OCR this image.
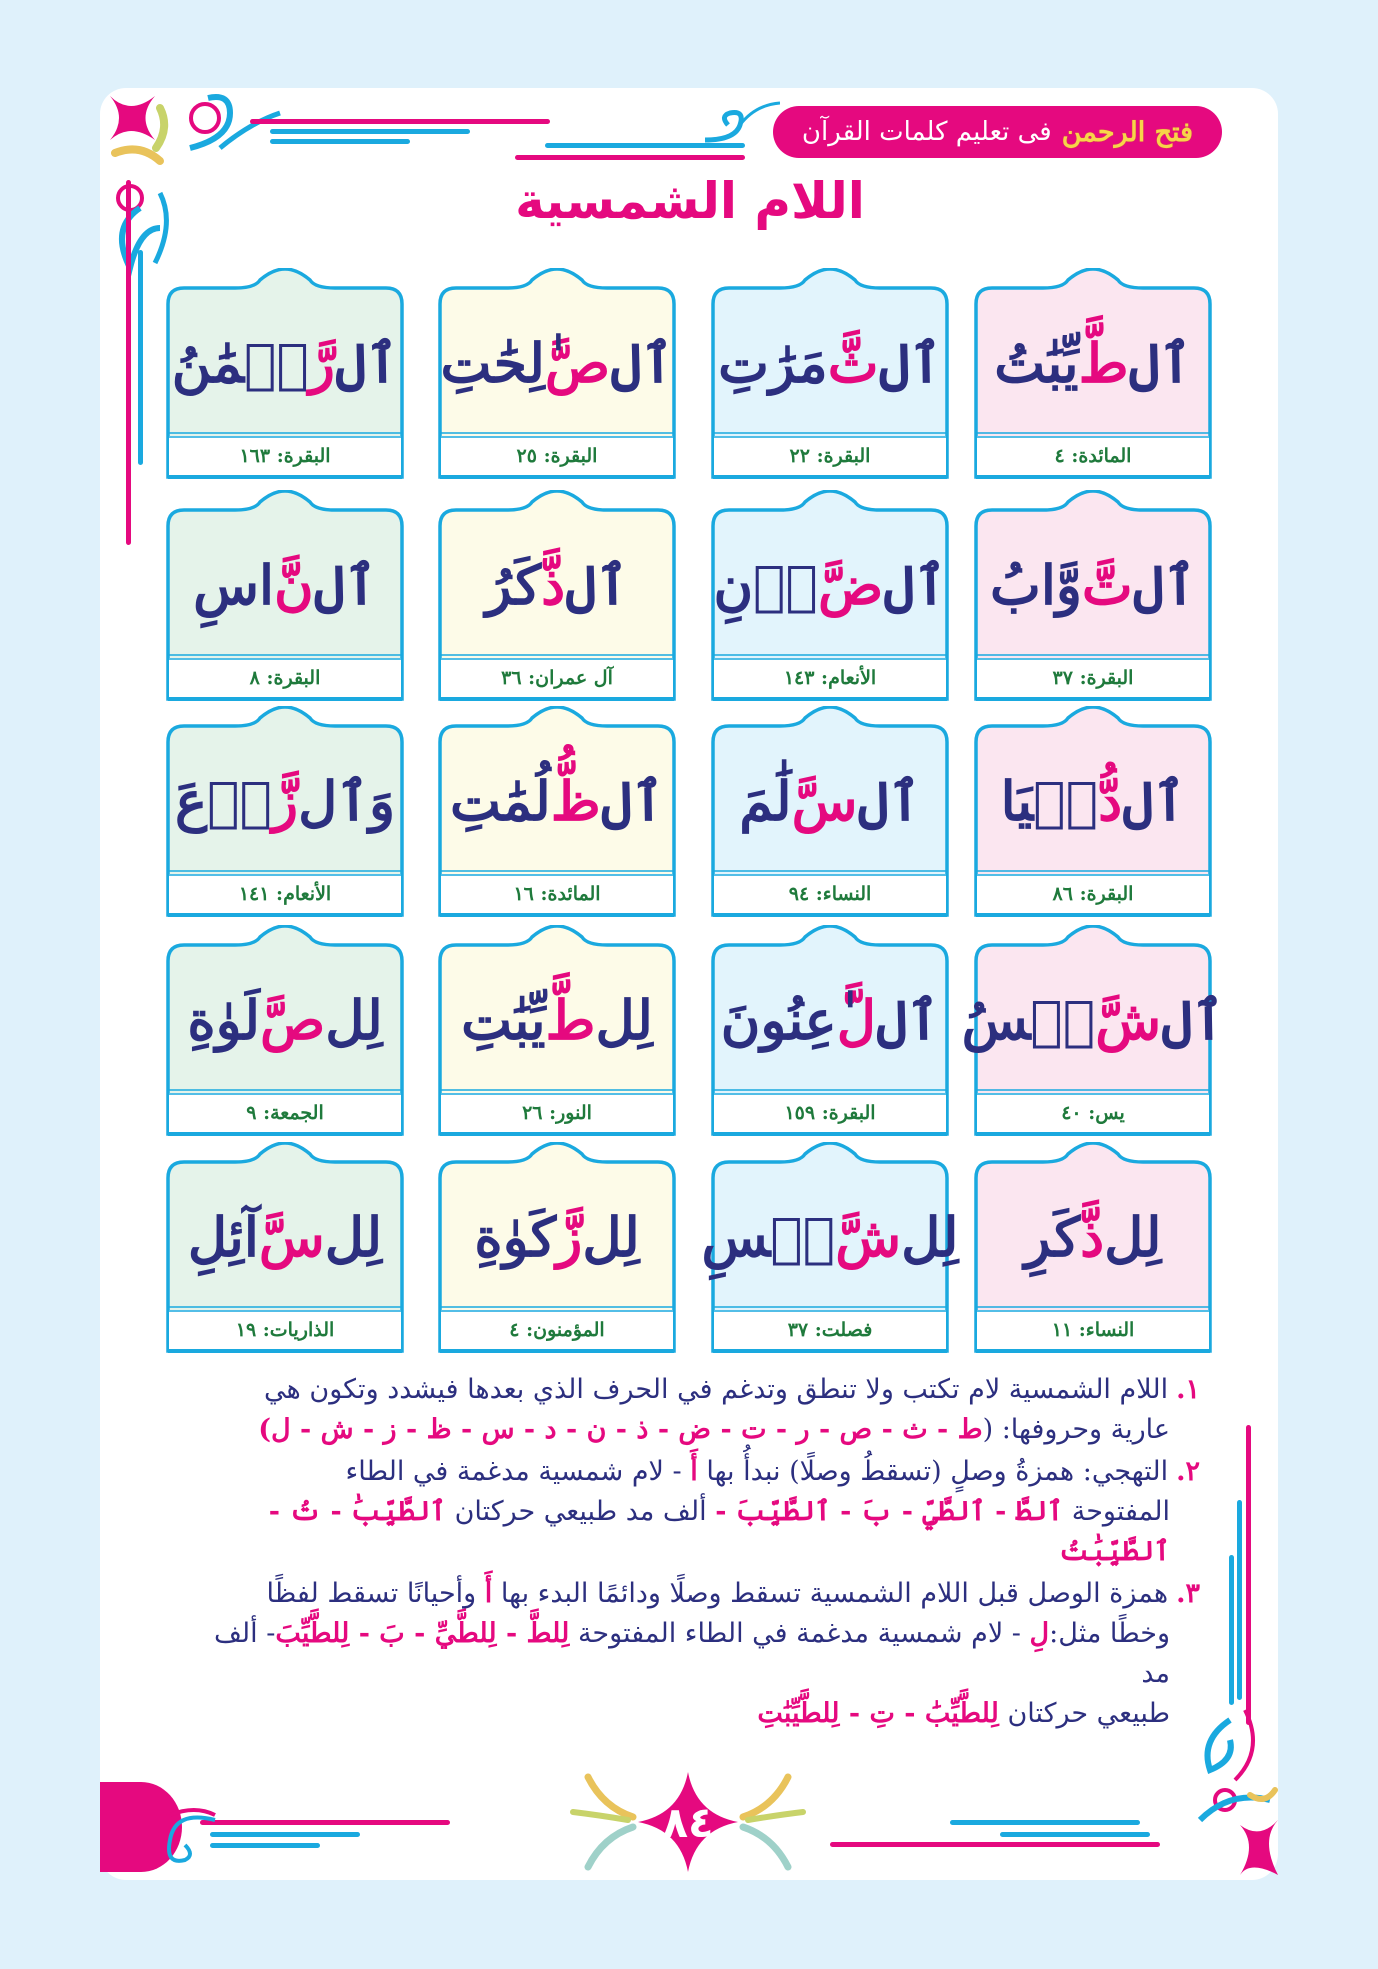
فتح الرحمن
فى تعليم كلمات القرآن
اللام الشمسية
ٱل
طَّ
يِّبَٰتُ
المائدة: ٤
ٱل
ثَّ
مَرَٰتِ
البقرة: ٢٢
ٱل
صَّ
ٰلِحَٰتِ
البقرة: ٢٥
ٱل
رَّ
حۡمَٰنُ
البقرة: ١٦٣
ٱل
تَّ
وَّابُ
البقرة: ٣٧
ٱل
ضَّ
أۡنِ
الأنعام: ١٤٣
ٱل
ذَّ
كَرُ
آل عمران: ٣٦
ٱل
نَّ
اسِ
البقرة: ٨
ٱل
دُّ
نۡيَا
البقرة: ٨٦
ٱل
سَّ
لَٰمَ
النساء: ٩٤
ٱل
ظُّ
لُمَٰتِ
المائدة: ١٦
وَٱل
زَّ
رۡعَ
الأنعام: ١٤١
ٱل
شَّ
مۡسُ
يس: ٤٠
ٱل
لَّ
ٰعِنُونَ
البقرة: ١٥٩
لِل
طَّ
يِّبَٰتِ
النور: ٢٦
لِل
صَّ
لَوٰةِ
الجمعة: ٩
لِل
ذَّ
كَرِ
النساء: ١١
لِل
شَّ
مۡسِ
فصلت: ٣٧
لِل
زَّ
كَوٰةِ
المؤمنون: ٤
لِل
سَّ
آئِلِ
الذاريات: ١٩
١.اللام الشمسية لام تكتب ولا تنطق وتدغم في الحرف الذي بعدها فيشدد وتكون هي
عارية وحروفها: (ط - ث - ص - ر - ت - ض - ذ - ن - د - س - ظ - ز - ش - ل)
٢.التهجي: همزةُ وصلٍ (تسقطُ وصلًا) نبدأُ بها أَ - لام شمسية مدغمة في الطاء
المفتوحة ٱلطَّ - ٱلطَّيِّ - بَ - ٱلطَّيِّبَ - ألف مد طبيعي حركتان ٱلطَّيِّبَٰ - تُ - ٱلطَّيِّبَٰتُ
٣.همزة الوصل قبل اللام الشمسية تسقط وصلًا ودائمًا البدء بها أَ وأحيانًا تسقط لفظًا
وخطًا مثل:لِ - لام شمسية مدغمة في الطاء المفتوحة لِلطَّ - لِلطَّيِّ - بَ - لِلطَّيِّبَ- ألف مد
طبيعي حركتان لِلطَّيِّبَٰ - تِ - لِلطَّيِّبَٰتِ
٨٤
